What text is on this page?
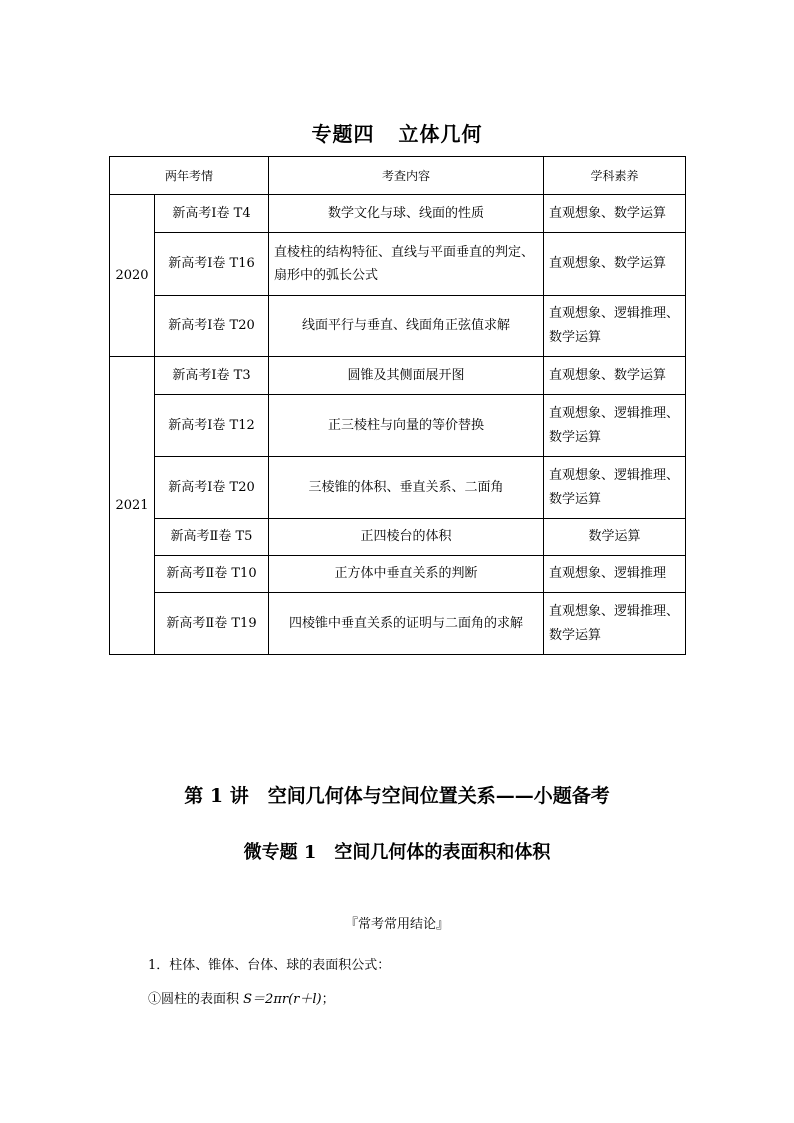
专题四 立体几何
两年考情		考查内容	学科素养
2020	新高考Ⅰ卷 T4	数学文化与球、线面的性质	直观想象、数学运算
	新高考Ⅰ卷 T16	直棱柱的结构特征、直线与平面垂直的判定、扇形中的弧长公式	直观想象、数学运算
	新高考Ⅰ卷 T20	线面平行与垂直、线面角正弦值求解	直观想象、逻辑推理、数学运算
2021	新高考Ⅰ卷 T3	圆锥及其侧面展开图	直观想象、数学运算
	新高考Ⅰ卷 T12	正三棱柱与向量的等价替换	直观想象、逻辑推理、数学运算
	新高考Ⅰ卷 T20	三棱锥的体积、垂直关系、二面角	直观想象、逻辑推理、数学运算
	新高考Ⅱ卷 T5	正四棱台的体积	数学运算
	新高考Ⅱ卷 T10	正方体中垂直关系的判断	直观想象、逻辑推理
	新高考Ⅱ卷 T19	四棱锥中垂直关系的证明与二面角的求解	直观想象、逻辑推理、数学运算
第 1 讲　空间几何体与空间位置关系——小题备考
微专题 1　空间几何体的表面积和体积
『常考常用结论』
1．柱体、锥体、台体、球的表面积公式：
①圆柱的表面积 S＝2πr(r＋l)；
